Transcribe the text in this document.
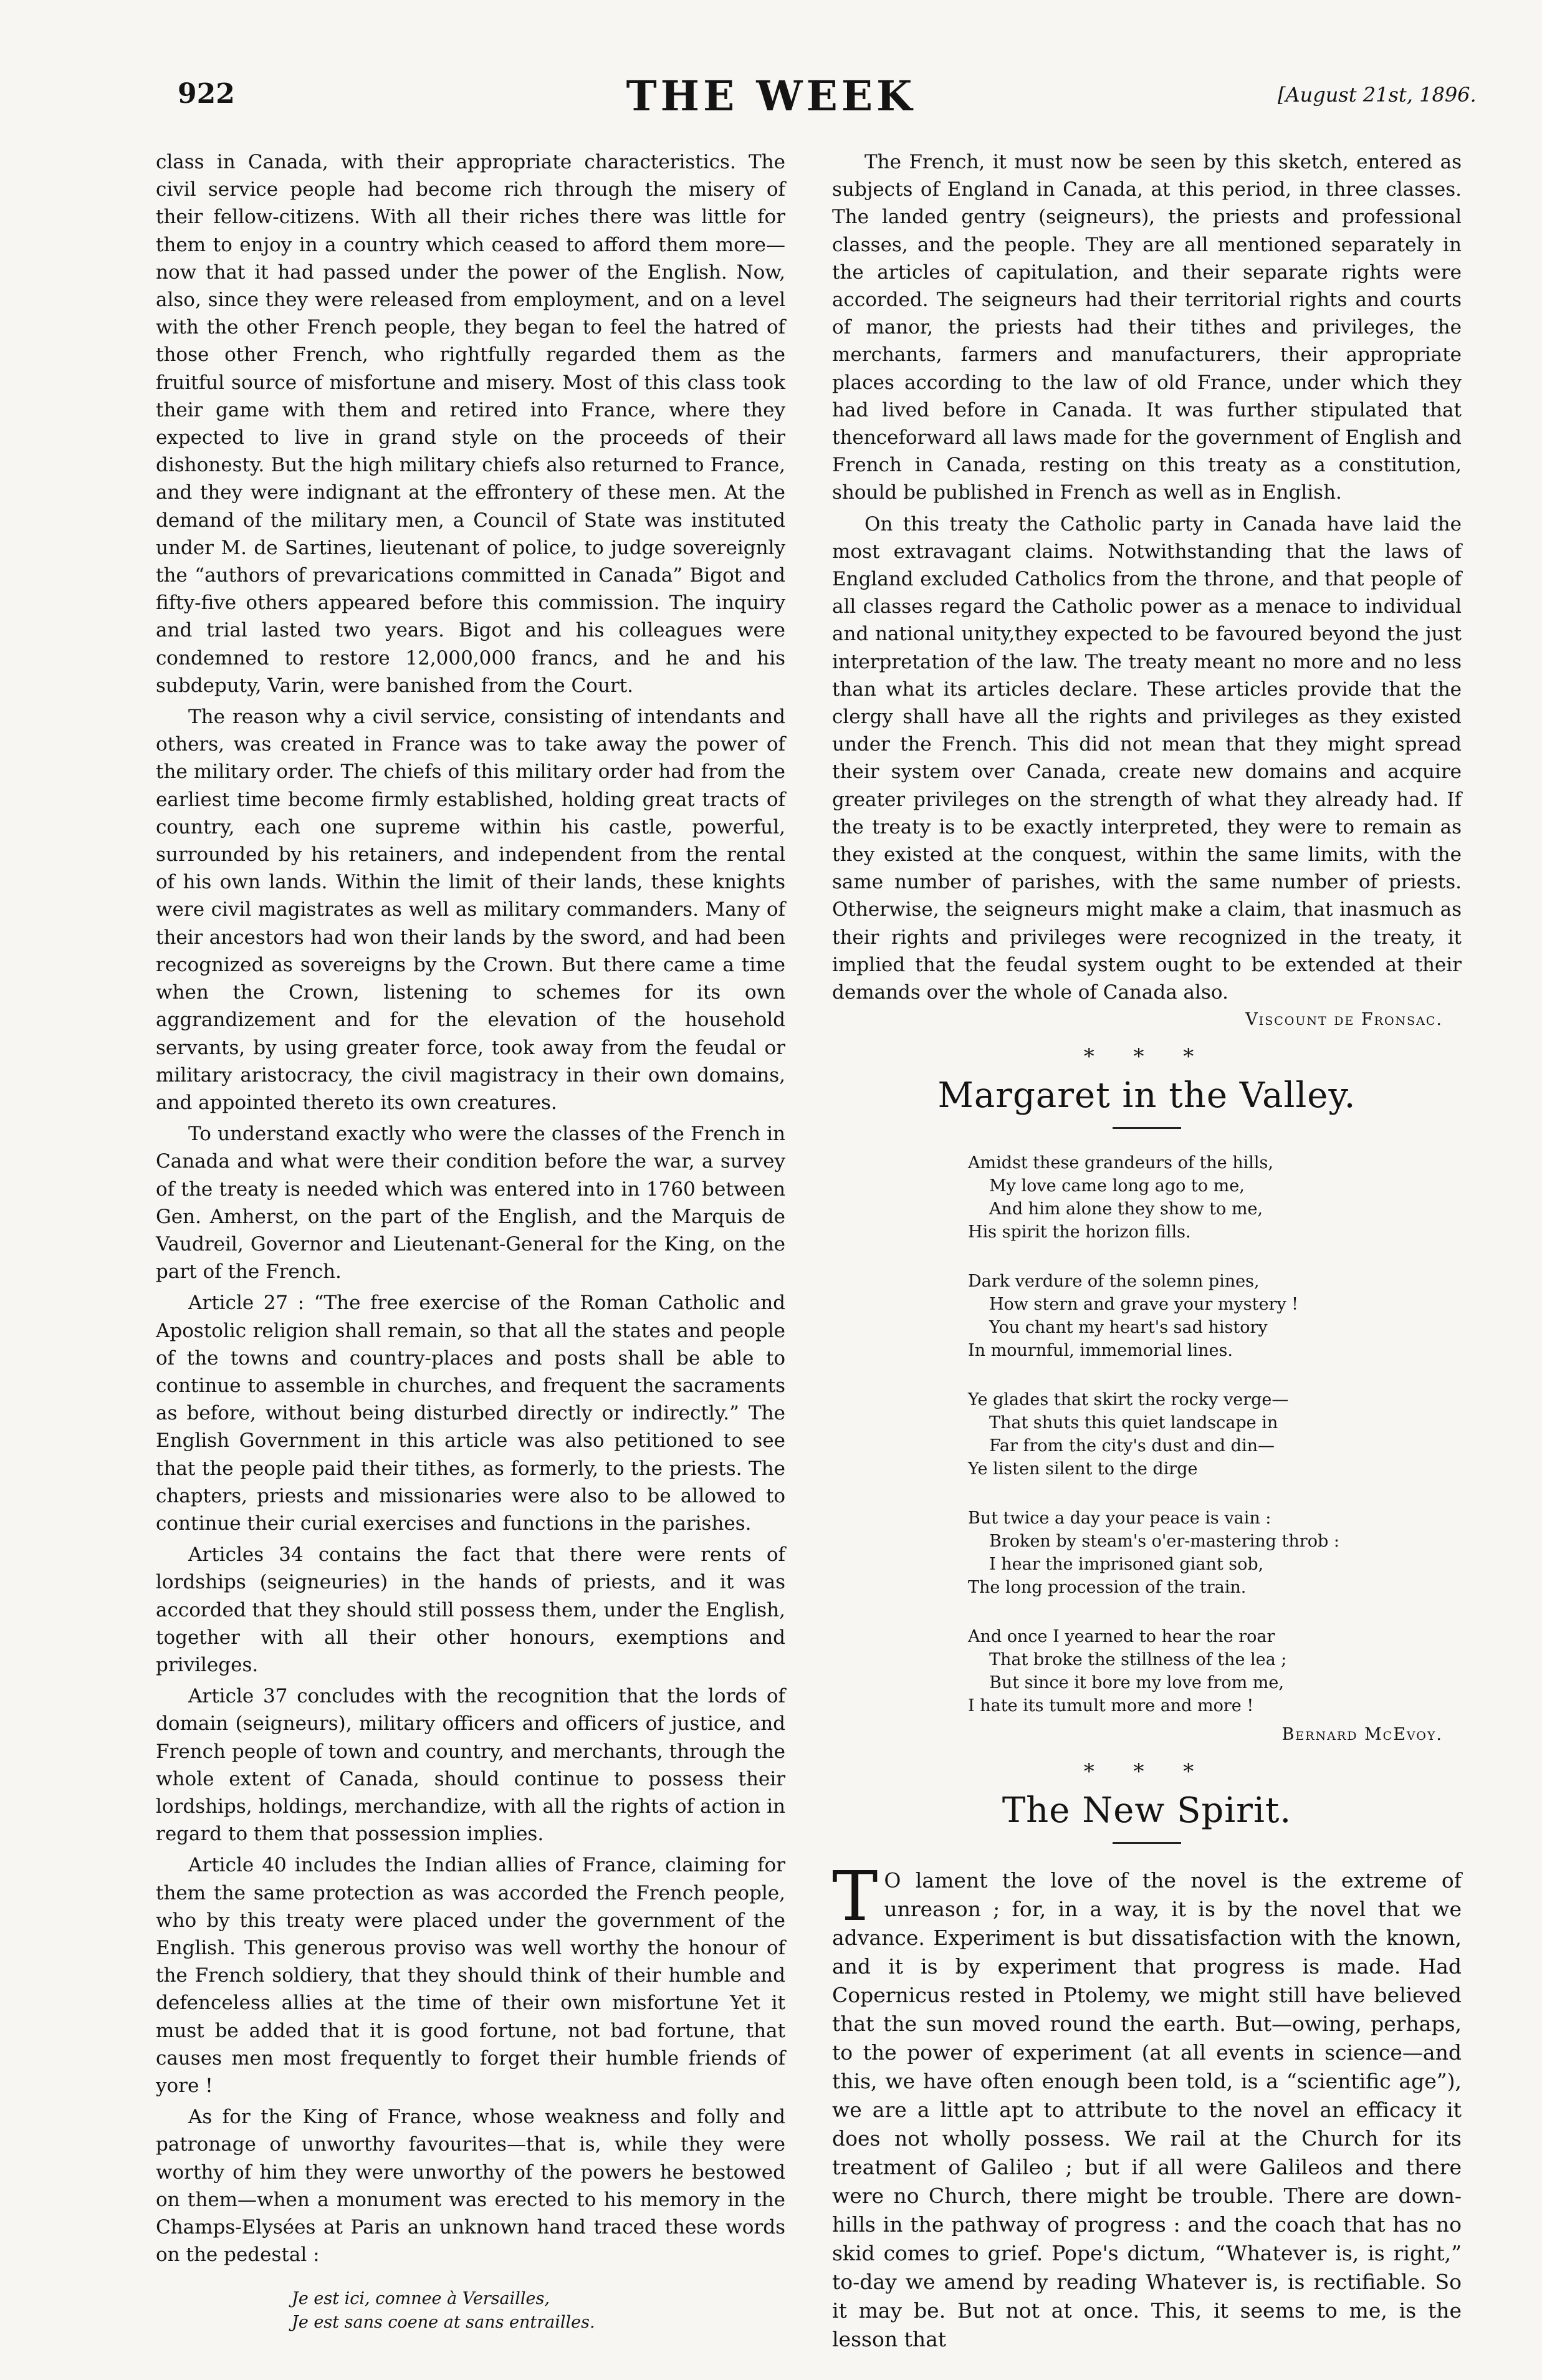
922	THE WEEK	[August 21st, 1896.

class in Canada, with their appropriate characteristics. The civil service people had become rich through the misery of their fellow-citizens. With all their riches there was little for them to enjoy in a country which ceased to afford them more—now that it had passed under the power of the English. Now, also, since they were released from employment, and on a level with the other French people, they began to feel the hatred of those other French, who rightfully regarded them as the fruitful source of misfortune and misery. Most of this class took their game with them and retired into France, where they expected to live in grand style on the proceeds of their dishonesty. But the high military chiefs also returned to France, and they were indignant at the effrontery of these men. At the demand of the military men, a Council of State was instituted under M. de Sartines, lieutenant of police, to judge sovereignly the “authors of prevarications committed in Canada” Bigot and fifty-five others appeared before this commission. The inquiry and trial lasted two years. Bigot and his colleagues were condemned to restore 12,000,000 francs, and he and his subdeputy, Varin, were banished from the Court.

The reason why a civil service, consisting of intendants and others, was created in France was to take away the power of the military order. The chiefs of this military order had from the earliest time become firmly established, holding great tracts of country, each one supreme within his castle, powerful, surrounded by his retainers, and independent from the rental of his own lands. Within the limit of their lands, these knights were civil magistrates as well as military commanders. Many of their ancestors had won their lands by the sword, and had been recognized as sovereigns by the Crown. But there came a time when the Crown, listening to schemes for its own aggrandizement and for the elevation of the household servants, by using greater force, took away from the feudal or military aristocracy, the civil magistracy in their own domains, and appointed thereto its own creatures.

To understand exactly who were the classes of the French in Canada and what were their condition before the war, a survey of the treaty is needed which was entered into in 1760 between Gen. Amherst, on the part of the English, and the Marquis de Vaudreil, Governor and Lieutenant-General for the King, on the part of the French.

Article 27 : “The free exercise of the Roman Catholic and Apostolic religion shall remain, so that all the states and people of the towns and country-places and posts shall be able to continue to assemble in churches, and frequent the sacraments as before, without being disturbed directly or indirectly.” The English Government in this article was also petitioned to see that the people paid their tithes, as formerly, to the priests. The chapters, priests and missionaries were also to be allowed to continue their curial exercises and functions in the parishes.

Articles 34 contains the fact that there were rents of lordships (seigneuries) in the hands of priests, and it was accorded that they should still possess them, under the English, together with all their other honours, exemptions and privileges.

Article 37 concludes with the recognition that the lords of domain (seigneurs), military officers and officers of justice, and French people of town and country, and merchants, through the whole extent of Canada, should continue to possess their lordships, holdings, merchandize, with all the rights of action in regard to them that possession implies.

Article 40 includes the Indian allies of France, claiming for them the same protection as was accorded the French people, who by this treaty were placed under the government of the English. This generous proviso was well worthy the honour of the French soldiery, that they should think of their humble and defenceless allies at the time of their own misfortune Yet it must be added that it is good fortune, not bad fortune, that causes men most frequently to forget their humble friends of yore !

As for the King of France, whose weakness and folly and patronage of unworthy favourites—that is, while they were worthy of him they were unworthy of the powers he bestowed on them—when a monument was erected to his memory in the Champs-Elysées at Paris an unknown hand traced these words on the pedestal :

Je est ici, comnee à Versailles,
Je est sans coene at sans entrailles.

The French, it must now be seen by this sketch, entered as subjects of England in Canada, at this period, in three classes. The landed gentry (seigneurs), the priests and professional classes, and the people. They are all mentioned separately in the articles of capitulation, and their separate rights were accorded. The seigneurs had their territorial rights and courts of manor, the priests had their tithes and privileges, the merchants, farmers and manufacturers, their appropriate places according to the law of old France, under which they had lived before in Canada. It was further stipulated that thenceforward all laws made for the government of English and French in Canada, resting on this treaty as a constitution, should be published in French as well as in English.

On this treaty the Catholic party in Canada have laid the most extravagant claims. Notwithstanding that the laws of England excluded Catholics from the throne, and that people of all classes regard the Catholic power as a menace to individual and national unity,they expected to be favoured beyond the just interpretation of the law. The treaty meant no more and no less than what its articles declare. These articles provide that the clergy shall have all the rights and privileges as they existed under the French. This did not mean that they might spread their system over Canada, create new domains and acquire greater privileges on the strength of what they already had. If the treaty is to be exactly interpreted, they were to remain as they existed at the conquest, within the same limits, with the same number of parishes, with the same number of priests. Otherwise, the seigneurs might make a claim, that inasmuch as their rights and privileges were recognized in the treaty, it implied that the feudal system ought to be extended at their demands over the whole of Canada also.

Viscount de Fronsac.
* * *
Margaret in the Valley.
Amidst these grandeurs of the hills,
My love came long ago to me,
And him alone they show to me,
His spirit the horizon fills.
Dark verdure of the solemn pines,
How stern and grave your mystery !
You chant my heart's sad history
In mournful, immemorial lines.
Ye glades that skirt the rocky verge—
That shuts this quiet landscape in
Far from the city's dust and din—
Ye listen silent to the dirge
But twice a day your peace is vain :
Broken by steam's o'er-mastering throb :
I hear the imprisoned giant sob,
The long procession of the train.
And once I yearned to hear the roar
That broke the stillness of the lea ;
But since it bore my love from me,
I hate its tumult more and more !
Bernard McEvoy.
* * *
The New Spirit.

T O lament the love of the novel is the extreme of unreason ; for, in a way, it is by the novel that we advance. Experiment is but dissatisfaction with the known, and it is by experiment that progress is made. Had Copernicus rested in Ptolemy, we might still have believed that the sun moved round the earth. But—owing, perhaps, to the power of experiment (at all events in science—and this, we have often enough been told, is a “scientific age”), we are a little apt to attribute to the novel an efficacy it does not wholly possess. We rail at the Church for its treatment of Galileo ; but if all were Galileos and there were no Church, there might be trouble. There are down-hills in the pathway of progress : and the coach that has no skid comes to grief. Pope's dictum, “Whatever is, is right,” to-day we amend by reading Whatever is, is rectifiable. So it may be. But not at once. This, it seems to me, is the lesson that
